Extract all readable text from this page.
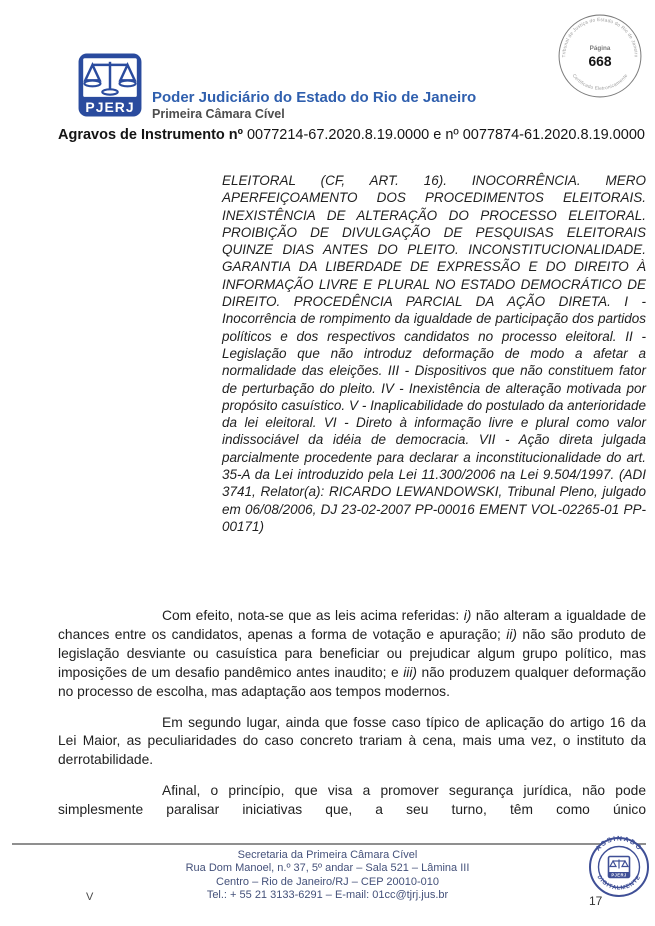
Tribunal de Justiça do Estado do Rio de Janeiro
Página
668
Certificado Eletronicamente
PJERJ
Poder Judiciário do Estado do Rio de Janeiro
Primeira Câmara Cível
Agravos de Instrumento nº 0077214-67.2020.8.19.0000 e nº 0077874-61.2020.8.19.0000
ELEITORAL (CF, ART. 16). INOCORRÊNCIA. MERO APERFEIÇOAMENTO DOS PROCEDIMENTOS ELEITORAIS. INEXISTÊNCIA DE ALTERAÇÃO DO PROCESSO ELEITORAL. PROIBIÇÃO DE DIVULGAÇÃO DE PESQUISAS ELEITORAIS QUINZE DIAS ANTES DO PLEITO. INCONSTITUCIONALIDADE. GARANTIA DA LIBERDADE DE EXPRESSÃO E DO DIREITO À INFORMAÇÃO LIVRE E PLURAL NO ESTADO DEMOCRÁTICO DE DIREITO. PROCEDÊNCIA PARCIAL DA AÇÃO DIRETA. I - Inocorrência de rompimento da igualdade de participação dos partidos políticos e dos respectivos candidatos no processo eleitoral. II - Legislação que não introduz deformação de modo a afetar a normalidade das eleições. III - Dispositivos que não constituem fator de perturbação do pleito. IV - Inexistência de alteração motivada por propósito casuístico. V - Inaplicabilidade do postulado da anterioridade da lei eleitoral. VI - Direto à informação livre e plural como valor indissociável da idéia de democracia. VII - Ação direta julgada parcialmente procedente para declarar a inconstitucionalidade do art. 35-A da Lei introduzido pela Lei 11.300/2006 na Lei 9.504/1997. (ADI 3741, Relator(a): RICARDO LEWANDOWSKI, Tribunal Pleno, julgado em 06/08/2006, DJ 23-02-2007 PP-00016 EMENT VOL-02265-01 PP-00171)

Com efeito, nota-se que as leis acima referidas: i) não alteram a igualdade de chances entre os candidatos, apenas a forma de votação e apuração; ii) não são produto de legislação desviante ou casuística para beneficiar ou prejudicar algum grupo político, mas imposições de um desafio pandêmico antes inaudito; e iii) não produzem qualquer deformação no processo de escolha, mas adaptação aos tempos modernos.

Em segundo lugar, ainda que fosse caso típico de aplicação do artigo 16 da Lei Maior, as peculiaridades do caso concreto trariam à cena, mais uma vez, o instituto da derrotabilidade.

Afinal, o princípio, que visa a promover segurança jurídica, não pode simplesmente paralisar iniciativas que, a seu turno, têm como único

Secretaria da Primeira Câmara Cível
Rua Dom Manoel, n.º 37, 5º andar – Sala 521 – Lâmina III
Centro – Rio de Janeiro/RJ – CEP 20010-010
Tel.: + 55 21 3133-6291 – E-mail: 01cc@tjrj.jus.br
V	17
ASSINADO
DIGITALMENTE
PJERJ
